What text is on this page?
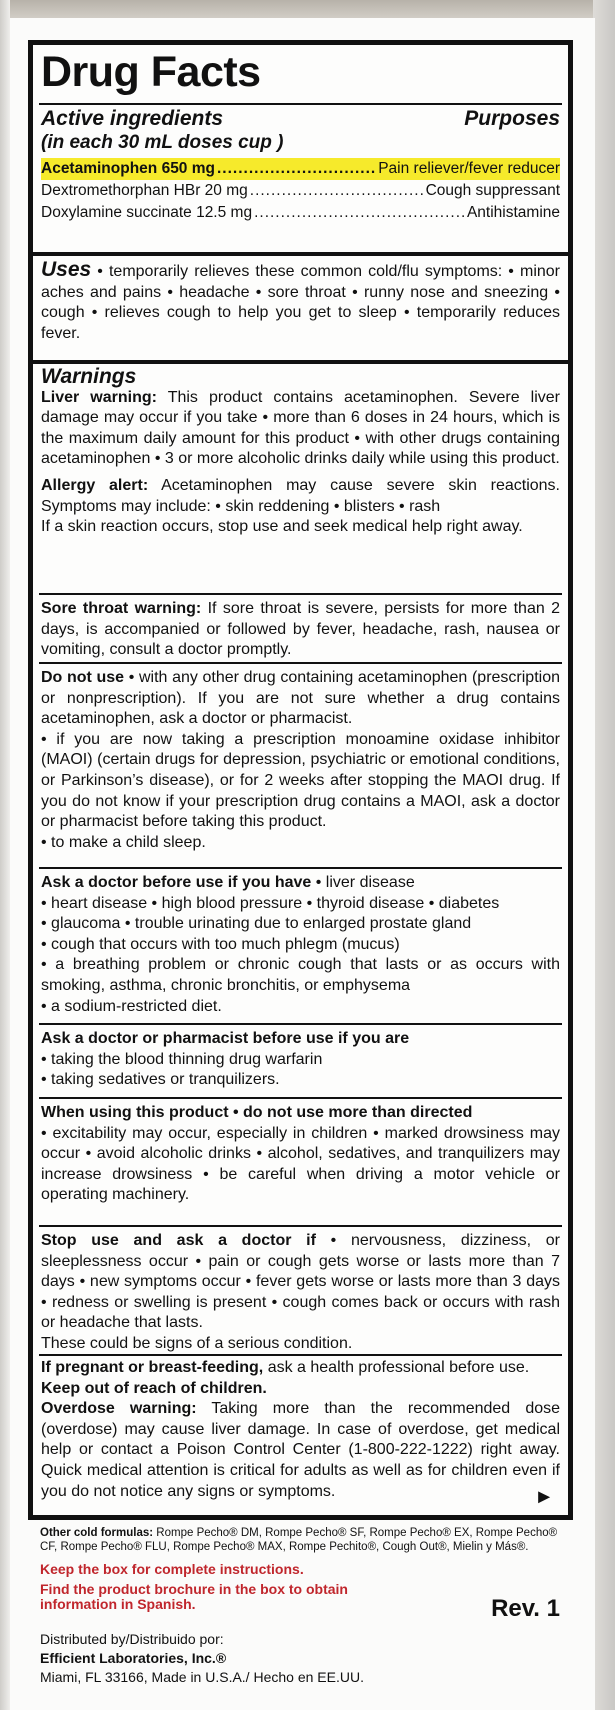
Drug Facts
Active ingredients	Purposes
(in each 30 mL doses cup )
Acetaminophen 650 mg .....	Pain reliever/fever reducer
Dextromethorphan HBr 20 mg .....	Cough suppressant
Doxylamine succinate 12.5 mg .....	Antihistamine
Uses • temporarily relieves these common cold/flu symptoms: • minor aches and pains • headache • sore throat • runny nose and sneezing • cough • relieves cough to help you get to sleep • temporarily reduces fever.
Warnings
Liver warning: This product contains acetaminophen. Severe liver damage may occur if you take • more than 6 doses in 24 hours, which is the maximum daily amount for this product • with other drugs containing acetaminophen • 3 or more alcoholic drinks daily while using this product.
Allergy alert: Acetaminophen may cause severe skin reactions. Symptoms may include: • skin reddening • blisters • rash
If a skin reaction occurs, stop use and seek medical help right away.
Sore throat warning: If sore throat is severe, persists for more than 2 days, is accompanied or followed by fever, headache, rash, nausea or vomiting, consult a doctor promptly.
Do not use • with any other drug containing acetaminophen (prescription or nonprescription). If you are not sure whether a drug contains acetaminophen, ask a doctor or pharmacist.
• if you are now taking a prescription monoamine oxidase inhibitor (MAOI) (certain drugs for depression, psychiatric or emotional conditions, or Parkinson’s disease), or for 2 weeks after stopping the MAOI drug. If you do not know if your prescription drug contains a MAOI, ask a doctor or pharmacist before taking this product.
• to make a child sleep.
Ask a doctor before use if you have • liver disease
• heart disease • high blood pressure • thyroid disease • diabetes
• glaucoma • trouble urinating due to enlarged prostate gland
• cough that occurs with too much phlegm (mucus)
• a breathing problem or chronic cough that lasts or as occurs with smoking, asthma, chronic bronchitis, or emphysema
• a sodium-restricted diet.
Ask a doctor or pharmacist before use if you are
• taking the blood thinning drug warfarin
• taking sedatives or tranquilizers.
When using this product • do not use more than directed
• excitability may occur, especially in children • marked drowsiness may occur • avoid alcoholic drinks • alcohol, sedatives, and tranquilizers may increase drowsiness • be careful when driving a motor vehicle or operating machinery.
Stop use and ask a doctor if • nervousness, dizziness, or sleeplessness occur • pain or cough gets worse or lasts more than 7 days • new symptoms occur • fever gets worse or lasts more than 3 days • redness or swelling is present • cough comes back or occurs with rash or headache that lasts.
These could be signs of a serious condition.
If pregnant or breast-feeding, ask a health professional before use.
Keep out of reach of children.
Overdose warning: Taking more than the recommended dose (overdose) may cause liver damage. In case of overdose, get medical help or contact a Poison Control Center (1-800-222-1222) right away. Quick medical attention is critical for adults as well as for children even if you do not notice any signs or symptoms.	►
Other cold formulas: Rompe Pecho® DM, Rompe Pecho® SF, Rompe Pecho® EX, Rompe Pecho® CF, Rompe Pecho® FLU, Rompe Pecho® MAX, Rompe Pechito®, Cough Out®, Mielin y Más®.
Keep the box for complete instructions.
Find the product brochure in the box to obtain information in Spanish.	Rev. 1
Distributed by/Distribuido por:
Efficient Laboratories, Inc.®
Miami, FL 33166, Made in U.S.A./ Hecho en EE.UU.
